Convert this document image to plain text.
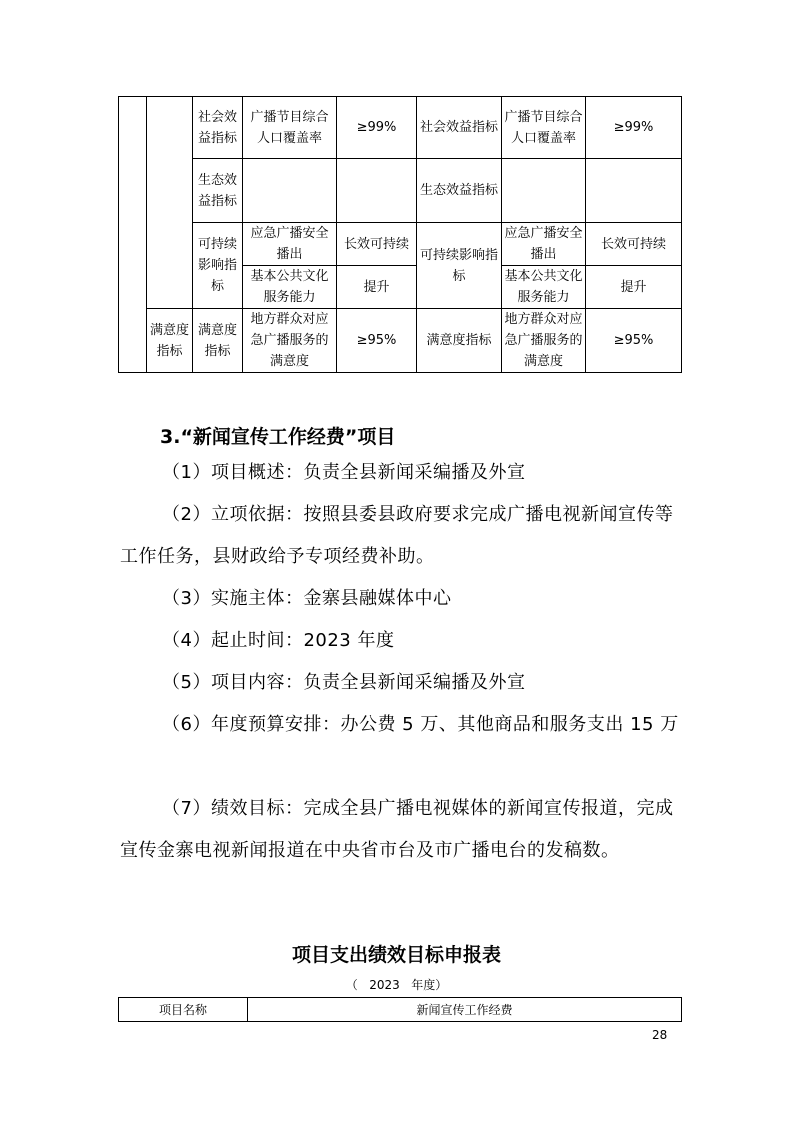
		社会效益指标	广播节目综合人口覆盖率	≥99%	社会效益指标	广播节目综合人口覆盖率	≥99%
		生态效益指标			生态效益指标		
		可持续影响指标	应急广播安全播出	长效可持续	可持续影响指标	应急广播安全播出	长效可持续
			基本公共文化服务能力	提升		基本公共文化服务能力	提升
	满意度指标	满意度指标	地方群众对应急广播服务的满意度	≥95%	满意度指标	地方群众对应急广播服务的满意度	≥95%
3.“新闻宣传工作经费”项目

（1）项目概述：负责全县新闻采编播及外宣

（2）立项依据：按照县委县政府要求完成广播电视新闻宣传等工作任务，县财政给予专项经费补助。

（3）实施主体：金寨县融媒体中心

（4）起止时间：2023 年度

（5）项目内容：负责全县新闻采编播及外宣

（6）年度预算安排：办公费 5 万、其他商品和服务支出 15 万

（7）绩效目标：完成全县广播电视媒体的新闻宣传报道，完成宣传金寨电视新闻报道在中央省市台及市广播电台的发稿数。

项目支出绩效目标申报表

（   2023   年度）

项目名称	新闻宣传工作经费

28
